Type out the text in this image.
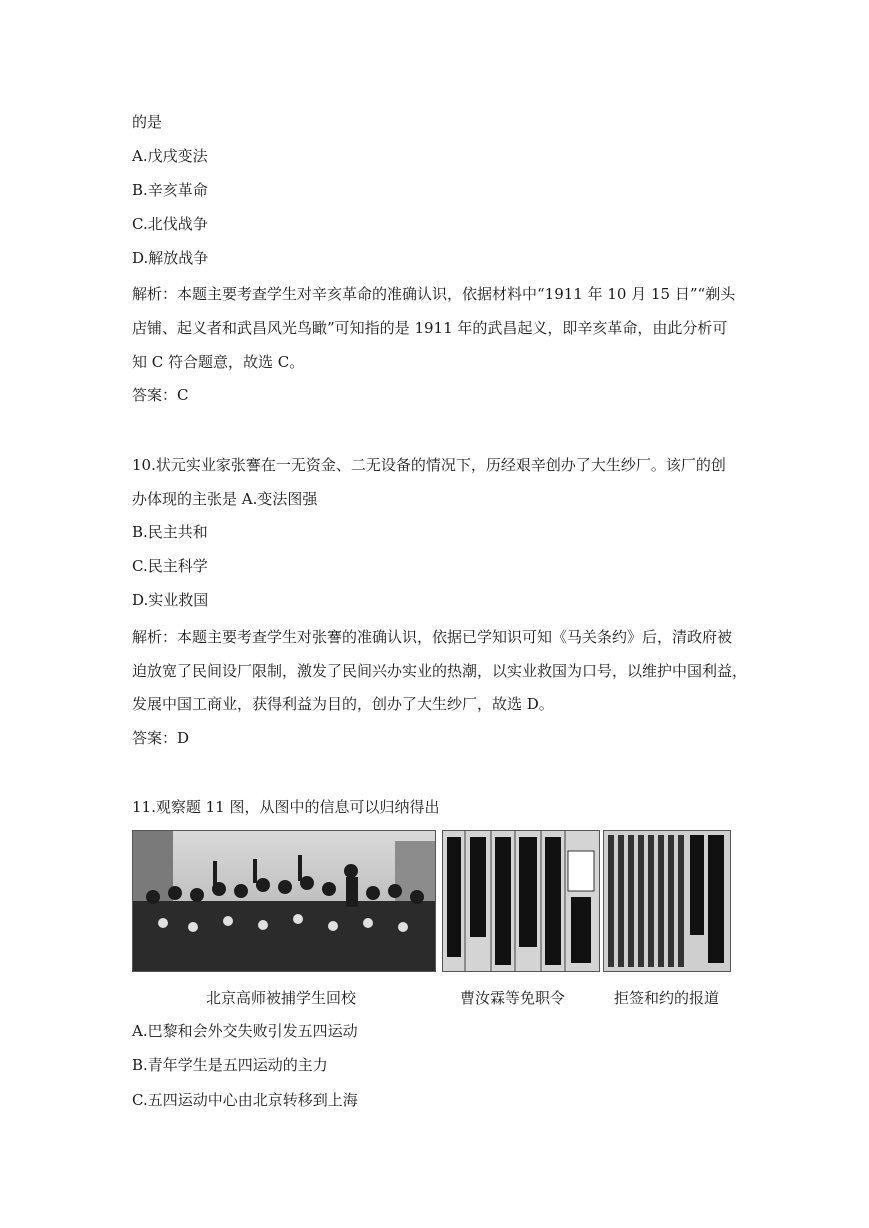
的是
A.戊戌变法
B.辛亥革命
C.北伐战争
D.解放战争
解析：本题主要考查学生对辛亥革命的准确认识，依据材料中“1911 年 10 月 15 日”“剃头
店铺、起义者和武昌风光鸟瞰”可知指的是 1911 年的武昌起义，即辛亥革命，由此分析可
知 C 符合题意，故选 C。
答案：C
10.状元实业家张謇在一无资金、二无设备的情况下，历经艰辛创办了大生纱厂。该厂的创
办体现的主张是 A.变法图强
B.民主共和
C.民主科学
D.实业救国
解析：本题主要考查学生对张謇的准确认识，依据已学知识可知《马关条约》后，清政府被
迫放宽了民间设厂限制，激发了民间兴办实业的热潮，以实业救国为口号，以维护中国利益，
发展中国工商业，获得利益为目的，创办了大生纱厂，故选 D。
答案：D
11.观察题 11 图，从图中的信息可以归纳得出
北京高师被捕学生回校	曹汝霖等免职令	拒签和约的报道
A.巴黎和会外交失败引发五四运动
B.青年学生是五四运动的主力
C.五四运动中心由北京转移到上海
